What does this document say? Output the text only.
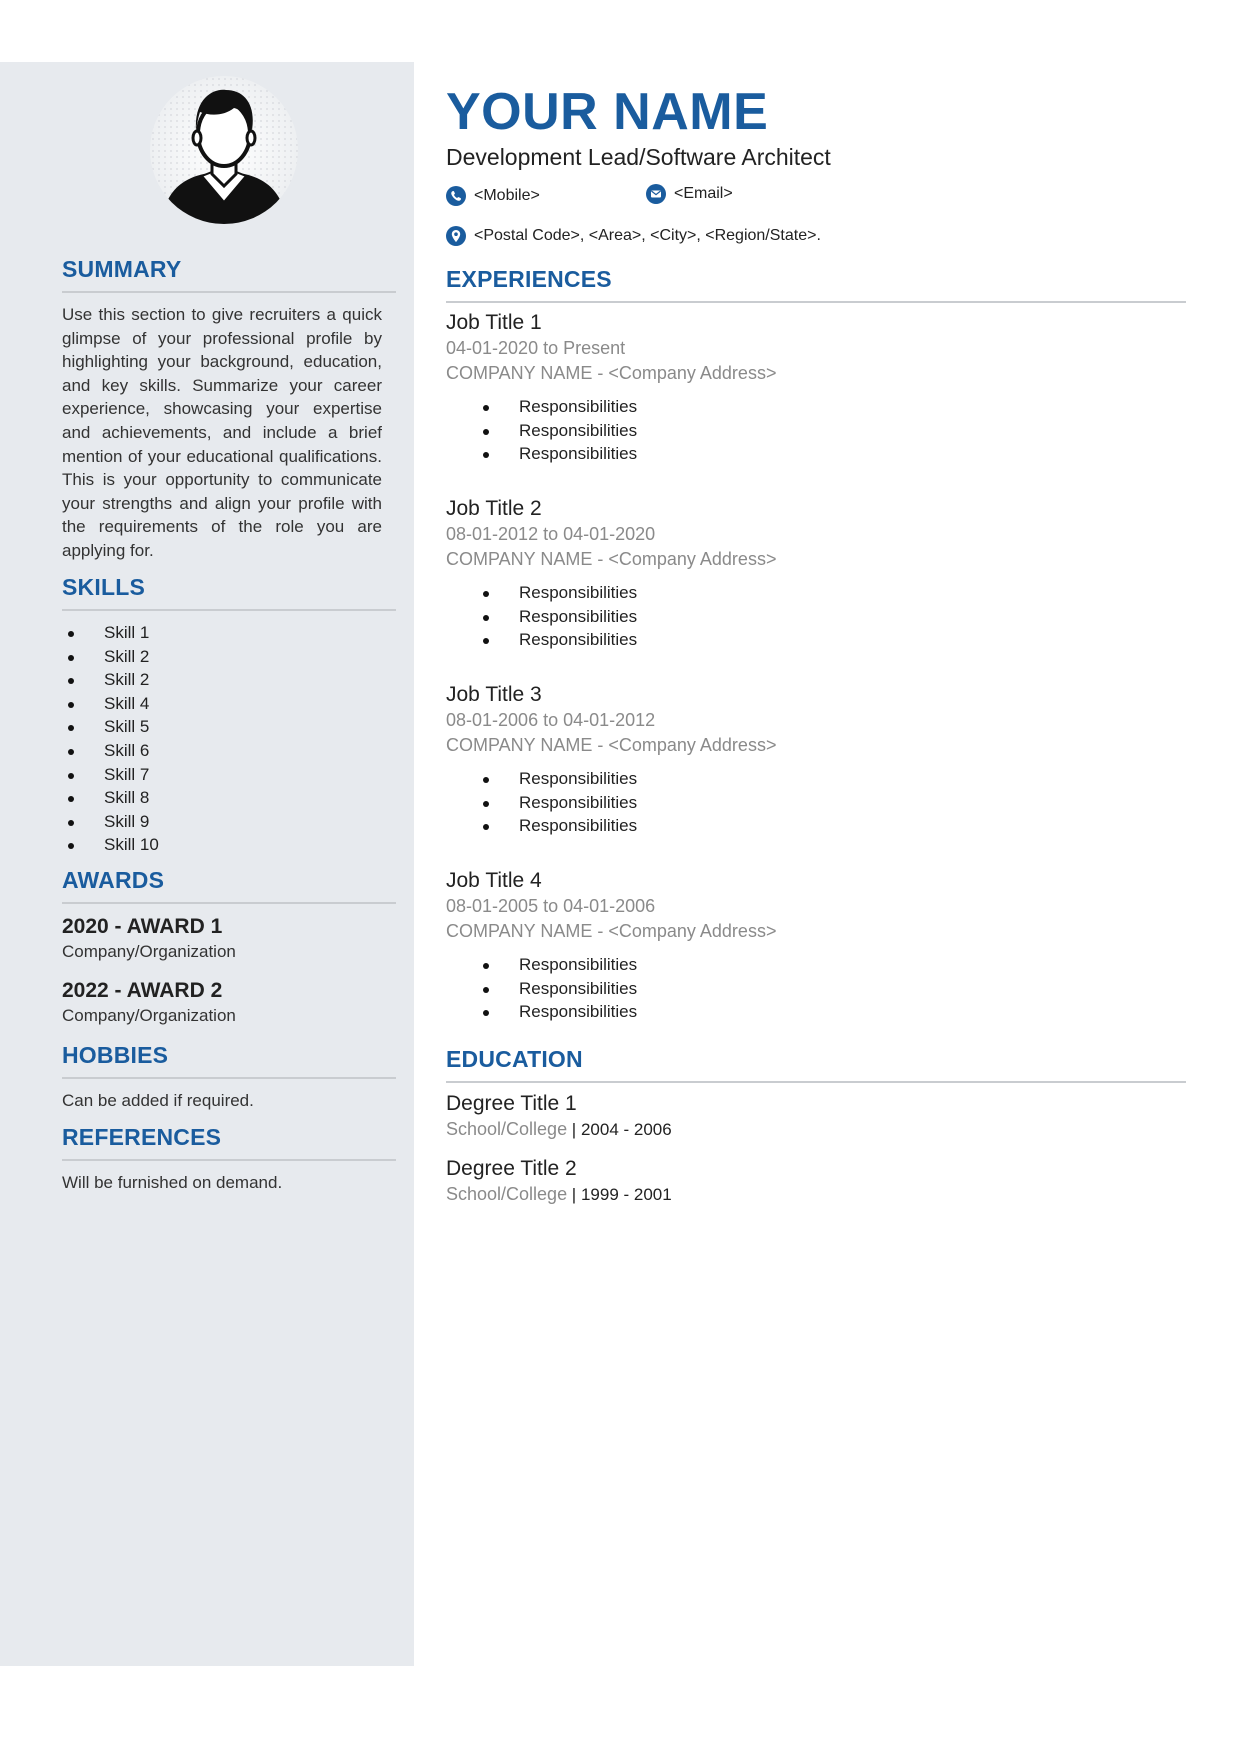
SUMMARY

Use this section to give recruiters a quick glimpse of your professional profile by highlighting your background, education, and key skills. Summarize your career experience, showcasing your expertise and achievements, and include a brief mention of your educational qualifications. This is your opportunity to communicate your strengths and align your profile with the requirements of the role you are applying for.

SKILLS
Skill 1
Skill 2
Skill 2
Skill 4
Skill 5
Skill 6
Skill 7
Skill 8
Skill 9
Skill 10
AWARDS
2020 - AWARD 1
Company/Organization
2022 - AWARD 2
Company/Organization
HOBBIES
Can be added if required.
REFERENCES
Will be furnished on demand.
YOUR NAME
Development Lead/Software Architect
<Mobile>	<Email>
<Postal Code>, <Area>, <City>, <Region/State>.
EXPERIENCES
Job Title 1
04-01-2020 to Present
COMPANY NAME - <Company Address>
Responsibilities
Responsibilities
Responsibilities
Job Title 2
08-01-2012 to 04-01-2020
COMPANY NAME - <Company Address>
Responsibilities
Responsibilities
Responsibilities
Job Title 3
08-01-2006 to 04-01-2012
COMPANY NAME - <Company Address>
Responsibilities
Responsibilities
Responsibilities
Job Title 4
08-01-2005 to 04-01-2006
COMPANY NAME - <Company Address>
Responsibilities
Responsibilities
Responsibilities
EDUCATION
Degree Title 1
School/College | 2004 - 2006
Degree Title 2
School/College | 1999 - 2001
